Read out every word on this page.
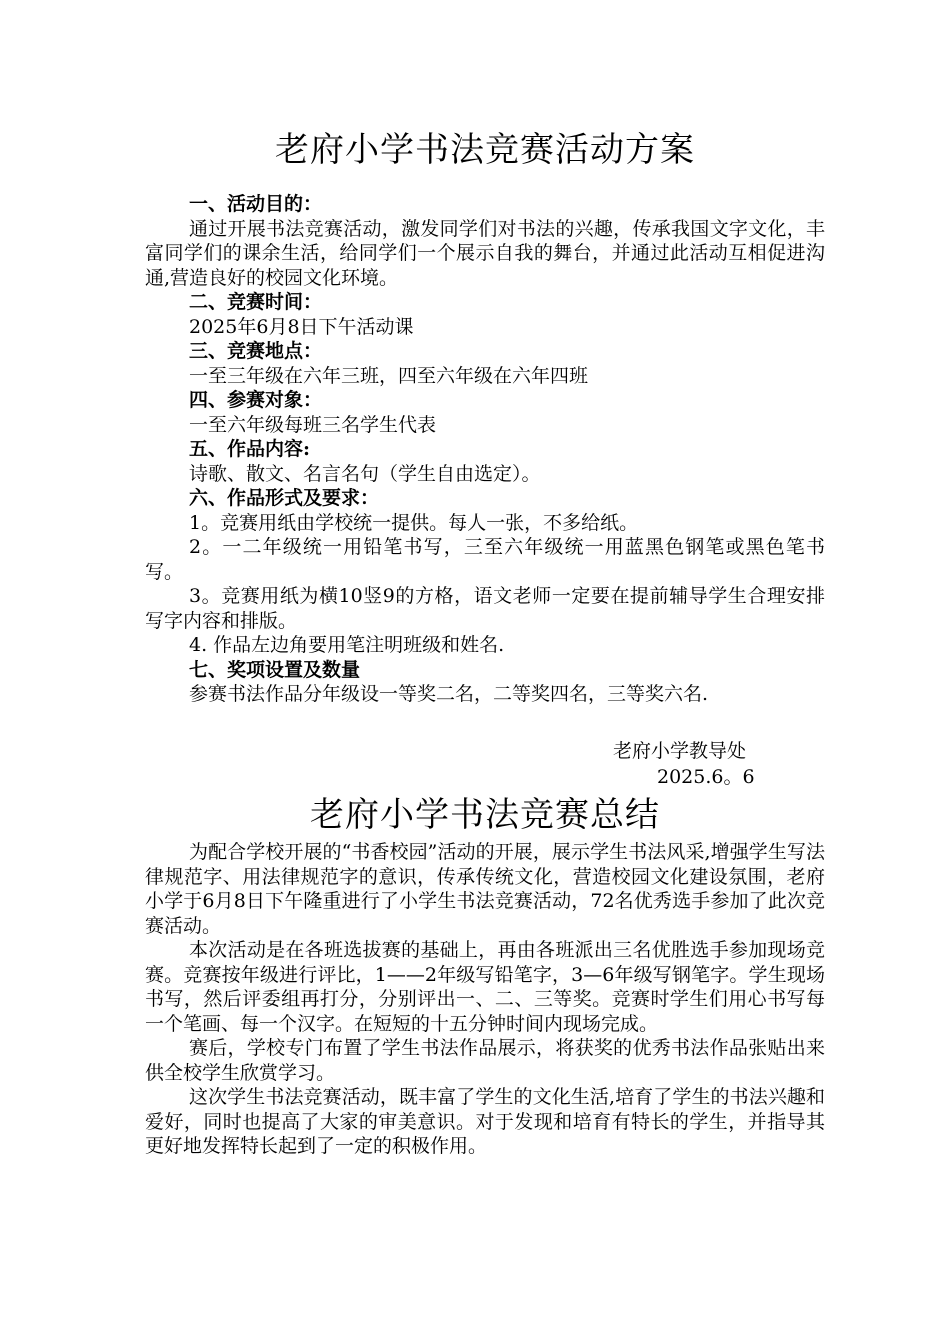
老府小学书法竞赛活动方案

一、活动目的：

通过开展书法竞赛活动，激发同学们对书法的兴趣，传承我国文字文化，丰富同学们的课余生活，给同学们一个展示自我的舞台，并通过此活动互相促进沟通,营造良好的校园文化环境。

二、竞赛时间：

2025年6月8日下午活动课

三、竞赛地点：

一至三年级在六年三班，四至六年级在六年四班

四、参赛对象：

一至六年级每班三名学生代表

五、作品内容:

诗歌、散文、名言名句（学生自由选定）。

六、作品形式及要求：

1。竞赛用纸由学校统一提供。每人一张，不多给纸。

2。一二年级统一用铅笔书写，三至六年级统一用蓝黑色钢笔或黑色笔书写。

3。竞赛用纸为横10竖9的方格，语文老师一定要在提前辅导学生合理安排写字内容和排版。

4. 作品左边角要用笔注明班级和姓名.

七、奖项设置及数量

参赛书法作品分年级设一等奖二名，二等奖四名，三等奖六名.

老府小学教导处

2025.6。6

老府小学书法竞赛总结

为配合学校开展的“书香校园”活动的开展，展示学生书法风采,增强学生写法律规范字、用法律规范字的意识，传承传统文化，营造校园文化建设氛围，老府小学于6月8日下午隆重进行了小学生书法竞赛活动，72名优秀选手参加了此次竞赛活动。

本次活动是在各班选拔赛的基础上，再由各班派出三名优胜选手参加现场竞赛。竞赛按年级进行评比，1——2年级写铅笔字，3—6年级写钢笔字。学生现场书写，然后评委组再打分，分别评出一、二、三等奖。竞赛时学生们用心书写每一个笔画、每一个汉字。在短短的十五分钟时间内现场完成。

赛后，学校专门布置了学生书法作品展示，将获奖的优秀书法作品张贴出来供全校学生欣赏学习。

这次学生书法竞赛活动，既丰富了学生的文化生活,培育了学生的书法兴趣和爱好，同时也提高了大家的审美意识。对于发现和培育有特长的学生，并指导其更好地发挥特长起到了一定的积极作用。
